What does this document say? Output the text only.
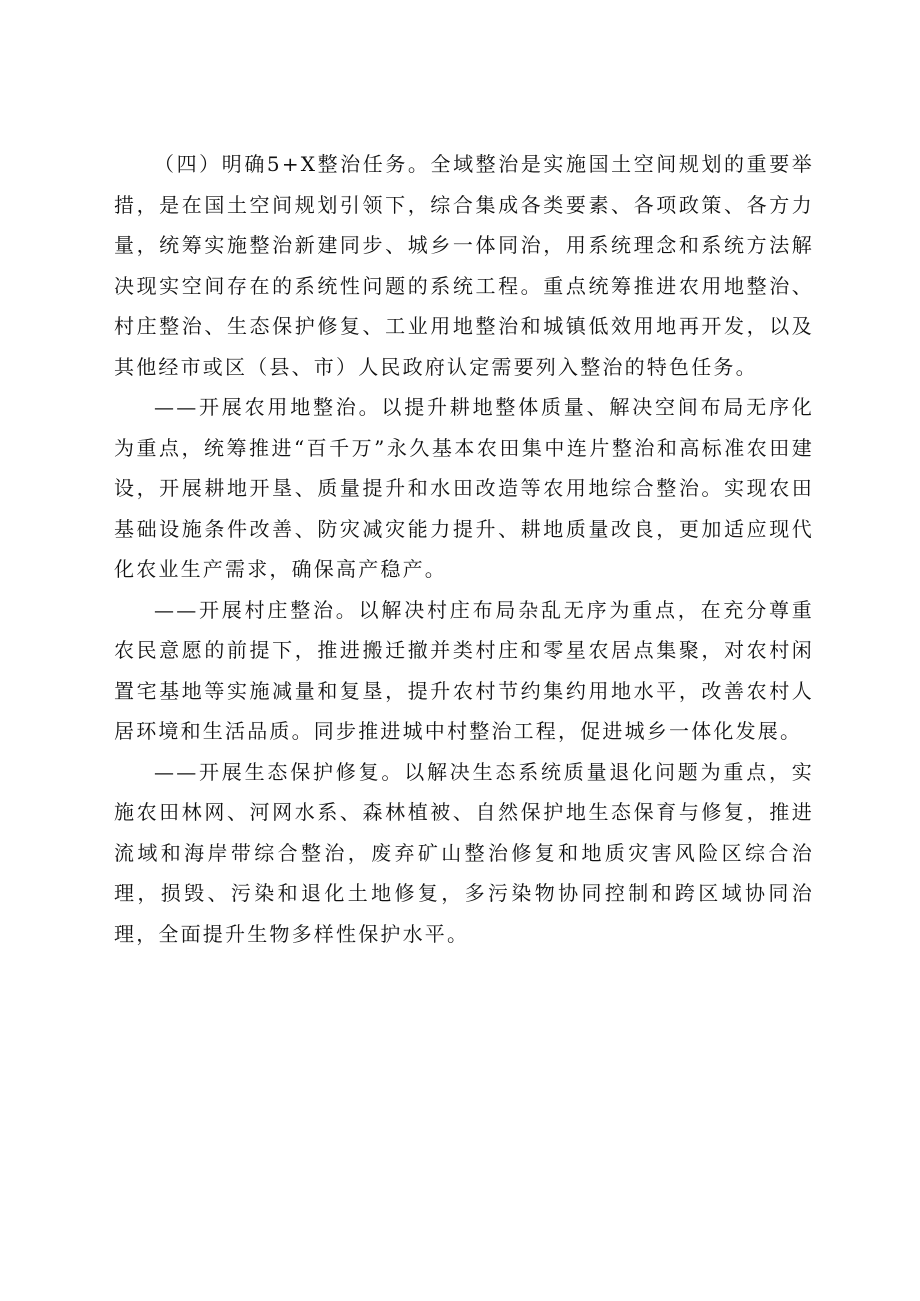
（四）明确5+X整治任务。全域整治是实施国土空间规划的重要举措，是在国土空间规划引领下，综合集成各类要素、各项政策、各方力量，统筹实施整治新建同步、城乡一体同治，用系统理念和系统方法解决现实空间存在的系统性问题的系统工程。重点统筹推进农用地整治、村庄整治、生态保护修复、工业用地整治和城镇低效用地再开发，以及其他经市或区（县、市）人民政府认定需要列入整治的特色任务。

——开展农用地整治。以提升耕地整体质量、解决空间布局无序化为重点，统筹推进“百千万”永久基本农田集中连片整治和高标准农田建设，开展耕地开垦、质量提升和水田改造等农用地综合整治。实现农田基础设施条件改善、防灾减灾能力提升、耕地质量改良，更加适应现代化农业生产需求，确保高产稳产。

——开展村庄整治。以解决村庄布局杂乱无序为重点，在充分尊重农民意愿的前提下，推进搬迁撤并类村庄和零星农居点集聚，对农村闲置宅基地等实施减量和复垦，提升农村节约集约用地水平，改善农村人居环境和生活品质。同步推进城中村整治工程，促进城乡一体化发展。

——开展生态保护修复。以解决生态系统质量退化问题为重点，实施农田林网、河网水系、森林植被、自然保护地生态保育与修复，推进流域和海岸带综合整治，废弃矿山整治修复和地质灾害风险区综合治理，损毁、污染和退化土地修复，多污染物协同控制和跨区域协同治理，全面提升生物多样性保护水平。
